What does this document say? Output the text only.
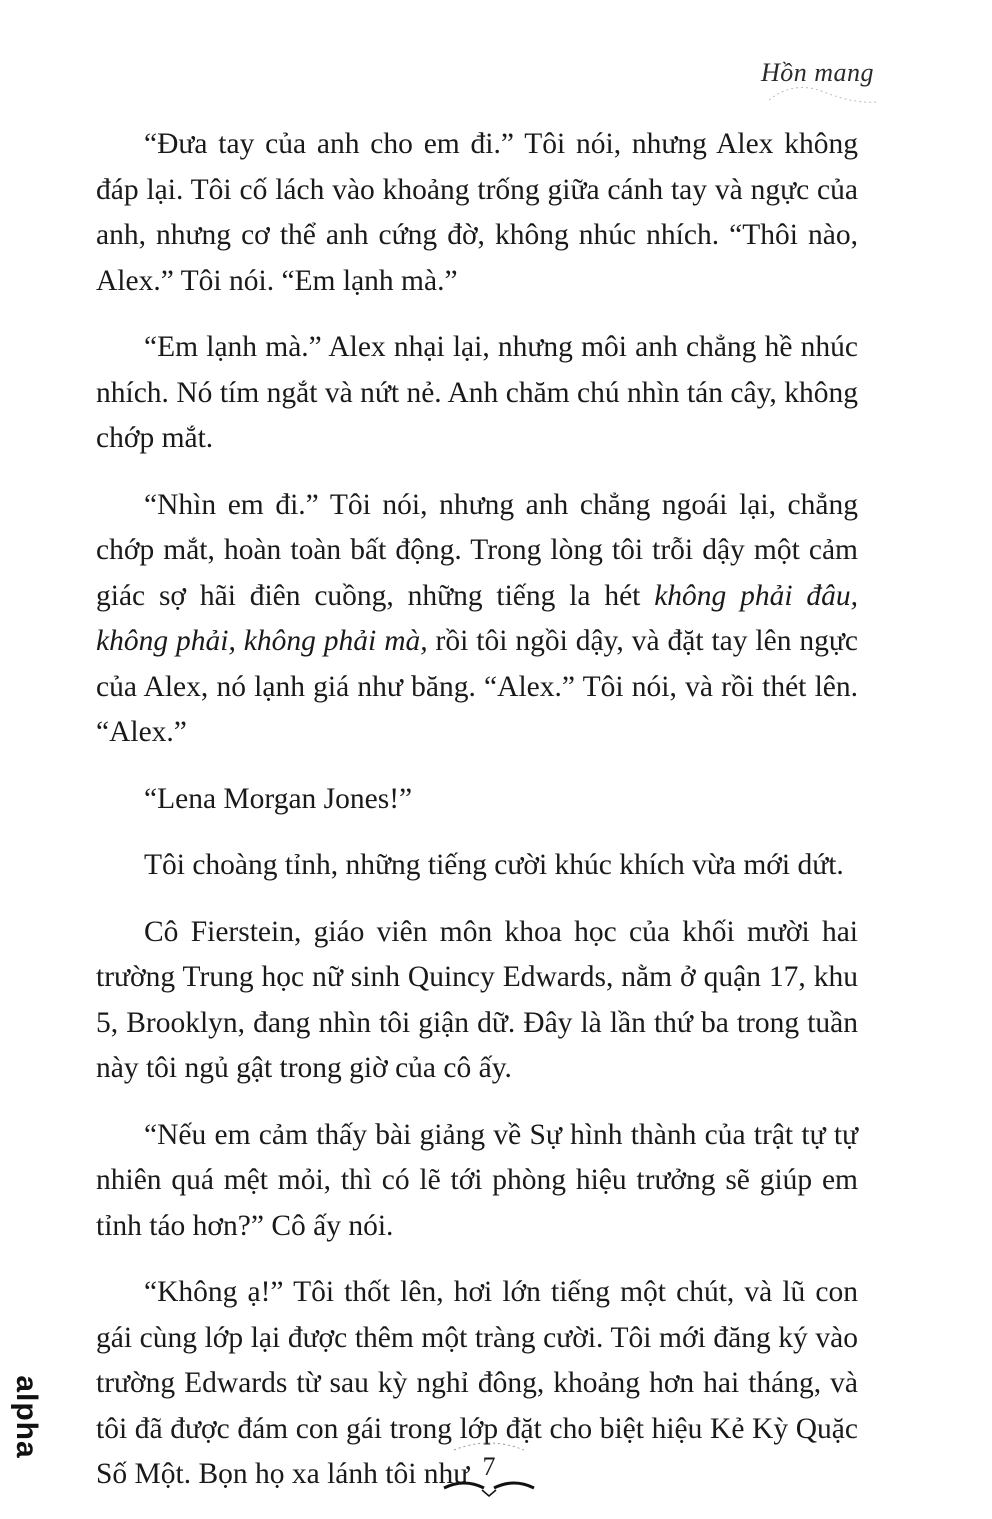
Hồn mang

“Đưa tay của anh cho em đi.” Tôi nói, nhưng Alex không đáp lại. Tôi cố lách vào khoảng trống giữa cánh tay và ngực của anh, nhưng cơ thể anh cứng đờ, không nhúc nhích. “Thôi nào, Alex.” Tôi nói. “Em lạnh mà.”

“Em lạnh mà.” Alex nhại lại, nhưng môi anh chẳng hề nhúc nhích. Nó tím ngắt và nứt nẻ. Anh chăm chú nhìn tán cây, không chớp mắt.

“Nhìn em đi.” Tôi nói, nhưng anh chẳng ngoái lại, chẳng chớp mắt, hoàn toàn bất động. Trong lòng tôi trỗi dậy một cảm giác sợ hãi điên cuồng, những tiếng la hét không phải đâu, không phải, không phải mà, rồi tôi ngồi dậy, và đặt tay lên ngực của Alex, nó lạnh giá như băng. “Alex.” Tôi nói, và rồi thét lên. “Alex.”

“Lena Morgan Jones!”

Tôi choàng tỉnh, những tiếng cười khúc khích vừa mới dứt.

Cô Fierstein, giáo viên môn khoa học của khối mười hai trường Trung học nữ sinh Quincy Edwards, nằm ở quận 17, khu 5, Brooklyn, đang nhìn tôi giận dữ. Đây là lần thứ ba trong tuần này tôi ngủ gật trong giờ của cô ấy.

“Nếu em cảm thấy bài giảng về Sự hình thành của trật tự tự nhiên quá mệt mỏi, thì có lẽ tới phòng hiệu trưởng sẽ giúp em tỉnh táo hơn?” Cô ấy nói.

“Không ạ!” Tôi thốt lên, hơi lớn tiếng một chút, và lũ con gái cùng lớp lại được thêm một tràng cười. Tôi mới đăng ký vào trường Edwards từ sau kỳ nghỉ đông, khoảng hơn hai tháng, và tôi đã được đám con gái trong lớp đặt cho biệt hiệu Kẻ Kỳ Quặc Số Một. Bọn họ xa lánh tôi như 7
alpha
